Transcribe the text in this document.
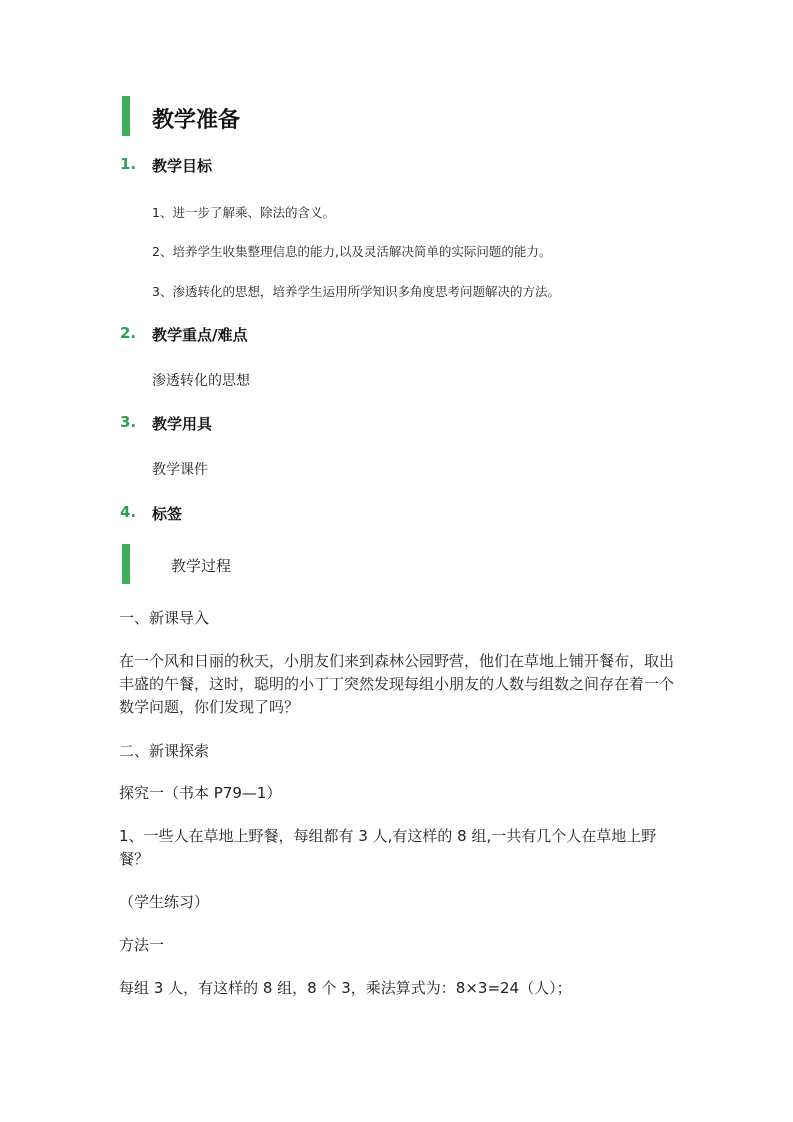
教学准备
1. 教学目标
1、进一步了解乘、除法的含义。
2、培养学生收集整理信息的能力,以及灵活解决简单的实际问题的能力。
3、渗透转化的思想，培养学生运用所学知识多角度思考问题解决的方法。
2. 教学重点/难点
渗透转化的思想
3. 教学用具
教学课件
4. 标签
教学过程
一、新课导入
在一个风和日丽的秋天，小朋友们来到森林公园野营，他们在草地上铺开餐布，取出丰盛的午餐，这时，聪明的小丁丁突然发现每组小朋友的人数与组数之间存在着一个数学问题，你们发现了吗？
二、新课探索
探究一（书本 P79—1）
1、一些人在草地上野餐，每组都有 3 人,有这样的 8 组,一共有几个人在草地上野餐？
（学生练习）
方法一
每组 3 人，有这样的 8 组，8 个 3，乘法算式为：8×3=24（人）；
